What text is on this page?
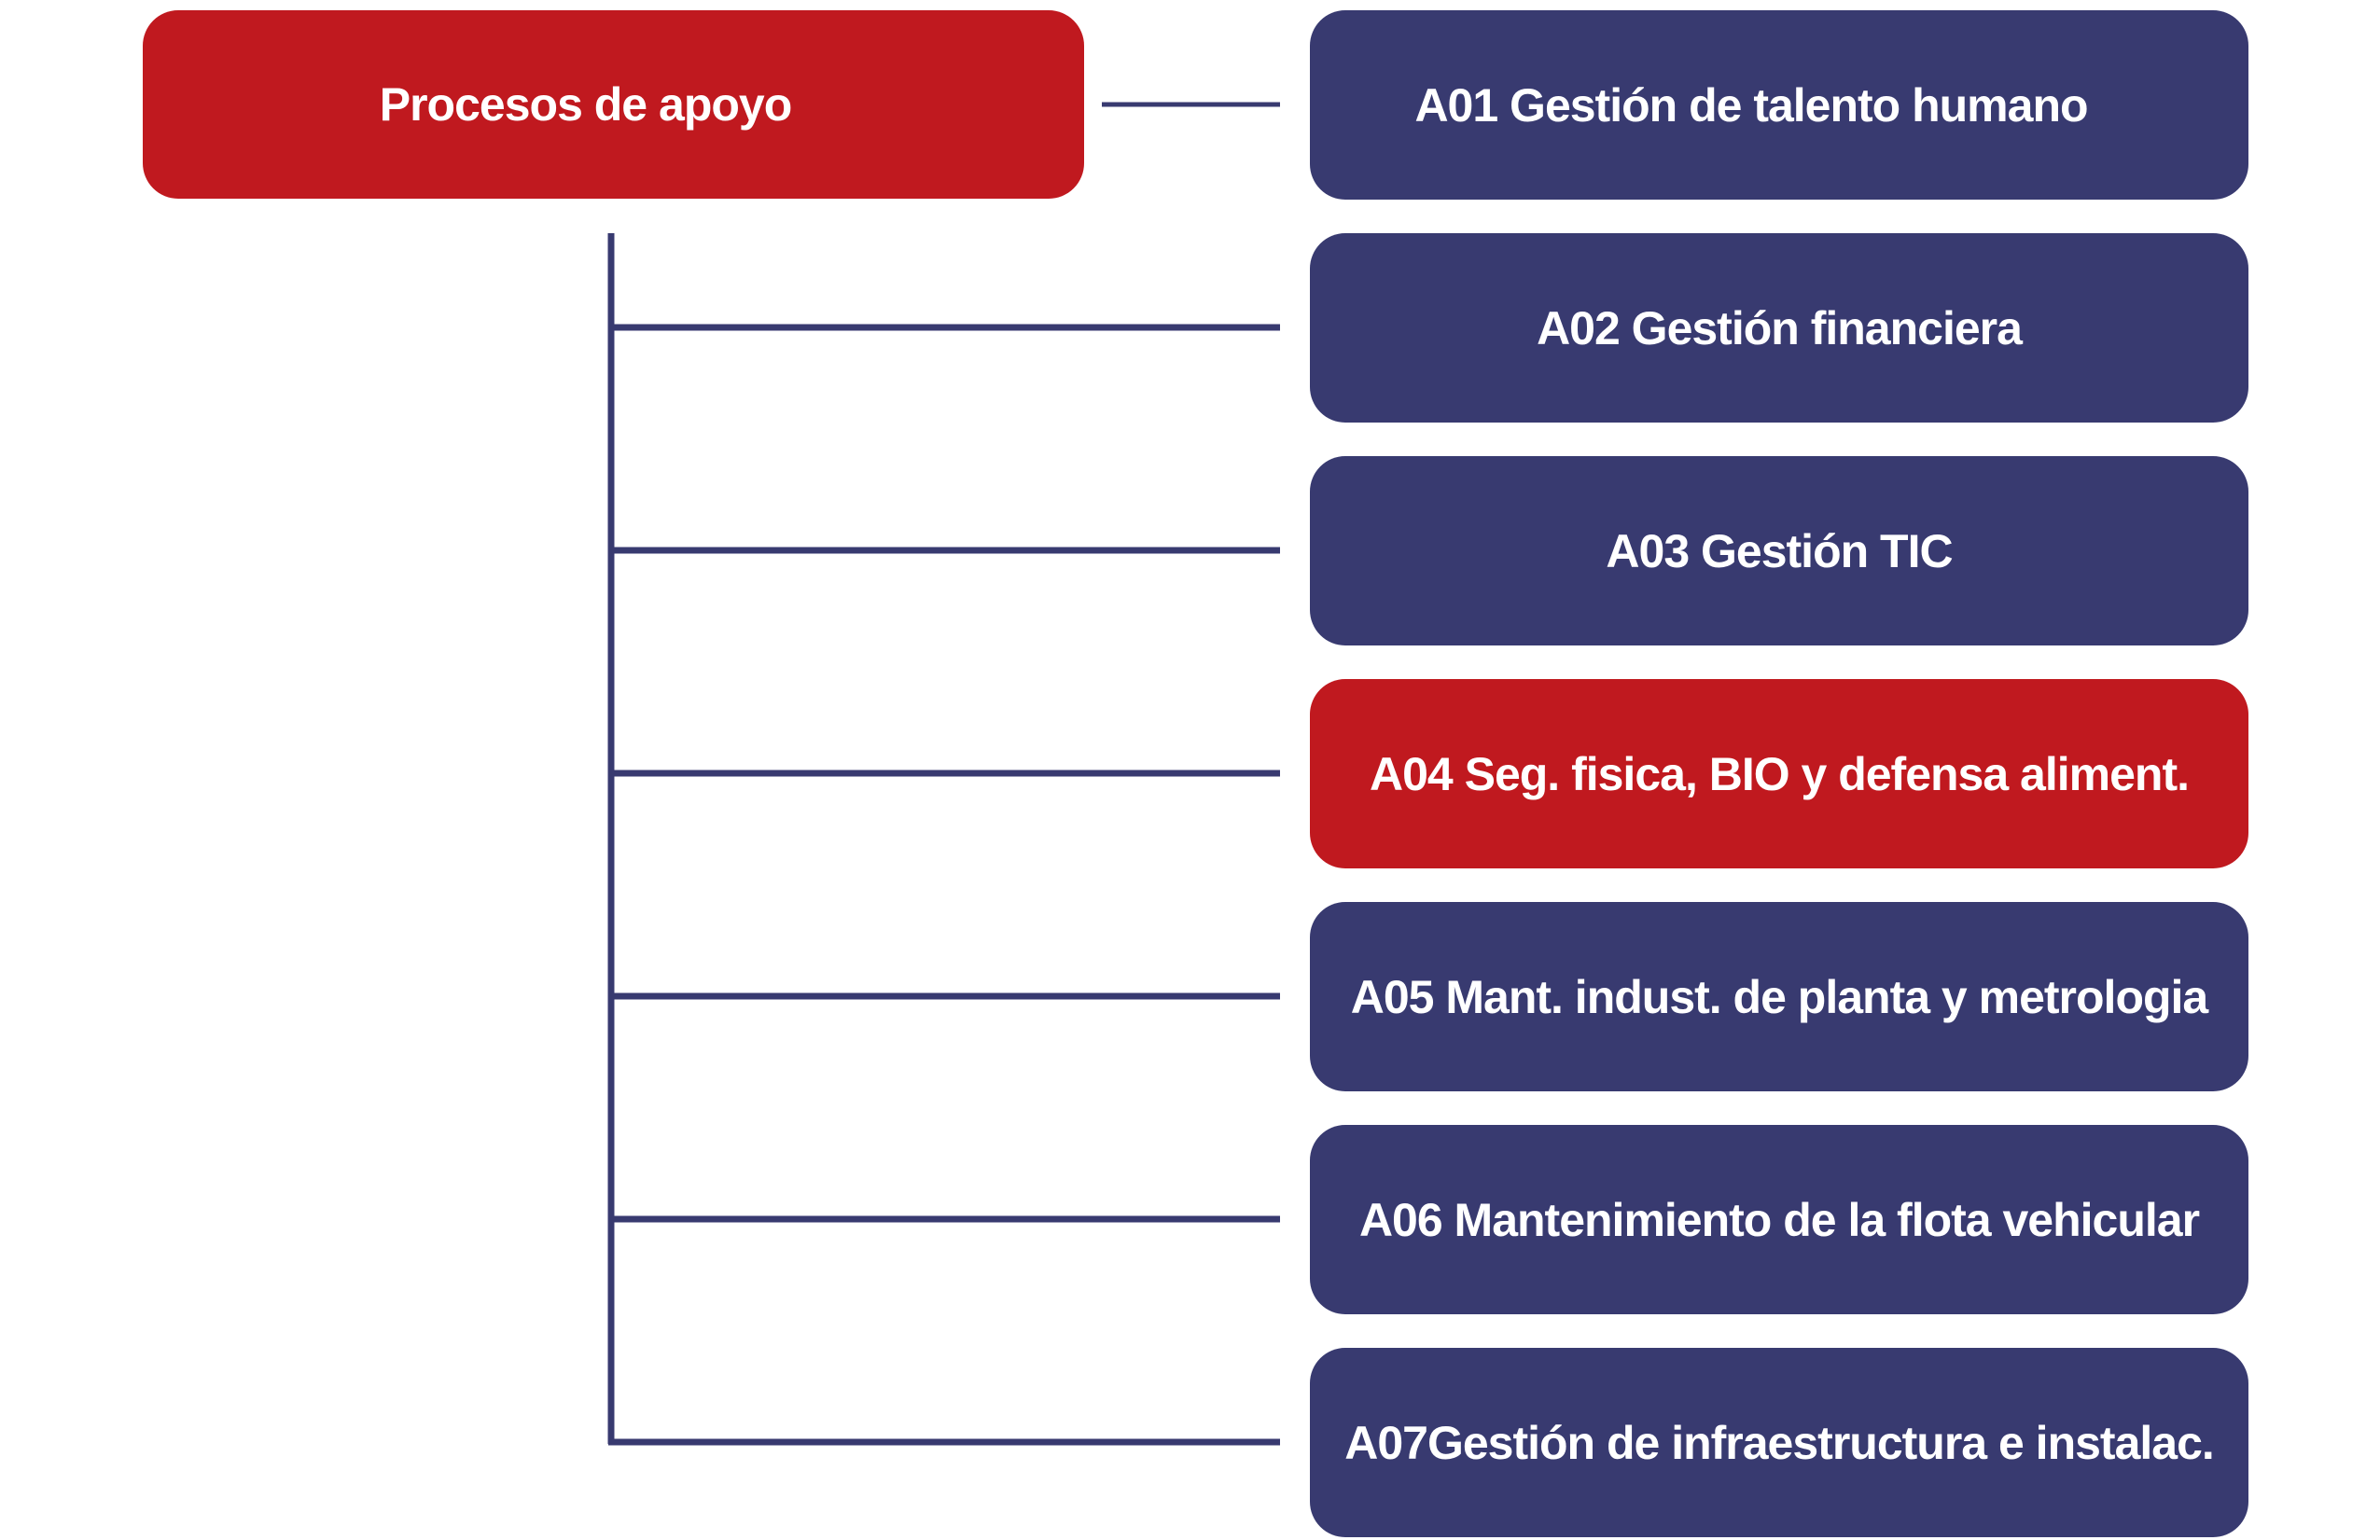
Procesos de apoyo	A01 Gestión de talento humano
A02 Gestión financiera
A03 Gestión TIC
A04 Seg. fisica, BIO y defensa aliment.
A05 Mant. indust. de planta y metrologia
A06 Mantenimiento de la flota vehicular
A07Gestión de infraestructura e instalac.
